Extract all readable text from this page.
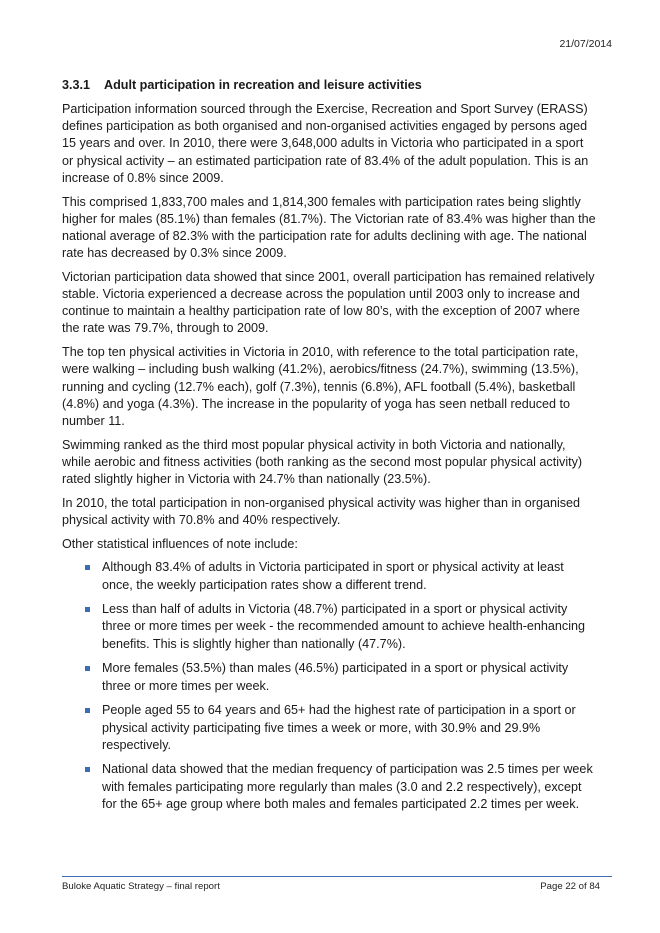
21/07/2014
3.3.1	Adult participation in recreation and leisure activities

Participation information sourced through the Exercise, Recreation and Sport Survey (ERASS) defines participation as both organised and non-organised activities engaged by persons aged 15 years and over. In 2010, there were 3,648,000 adults in Victoria who participated in a sport or physical activity – an estimated participation rate of 83.4% of the adult population. This is an increase of 0.8% since 2009.

This comprised 1,833,700 males and 1,814,300 females with participation rates being slightly higher for males (85.1%) than females (81.7%). The Victorian rate of 83.4% was higher than the national average of 82.3% with the participation rate for adults declining with age. The national rate has decreased by 0.3% since 2009.

Victorian participation data showed that since 2001, overall participation has remained relatively stable. Victoria experienced a decrease across the population until 2003 only to increase and continue to maintain a healthy participation rate of low 80’s, with the exception of 2007 where the rate was 79.7%, through to 2009.

The top ten physical activities in Victoria in 2010, with reference to the total participation rate, were walking – including bush walking (41.2%), aerobics/fitness (24.7%), swimming (13.5%), running and cycling (12.7% each), golf (7.3%), tennis (6.8%), AFL football (5.4%), basketball (4.8%) and yoga (4.3%). The increase in the popularity of yoga has seen netball reduced to number 11.

Swimming ranked as the third most popular physical activity in both Victoria and nationally, while aerobic and fitness activities (both ranking as the second most popular physical activity) rated slightly higher in Victoria with 24.7% than nationally (23.5%).

In 2010, the total participation in non-organised physical activity was higher than in organised physical activity with 70.8% and 40% respectively.

Other statistical influences of note include:

Although 83.4% of adults in Victoria participated in sport or physical activity at least once, the weekly participation rates show a different trend.
Less than half of adults in Victoria (48.7%) participated in a sport or physical activity three or more times per week - the recommended amount to achieve health-enhancing benefits. This is slightly higher than nationally (47.7%).
More females (53.5%) than males (46.5%) participated in a sport or physical activity three or more times per week.
People aged 55 to 64 years and 65+ had the highest rate of participation in a sport or physical activity participating five times a week or more, with 30.9% and 29.9% respectively.
National data showed that the median frequency of participation was 2.5 times per week with females participating more regularly than males (3.0 and 2.2 respectively), except for the 65+ age group where both males and females participated 2.2 times per week.
Buloke Aquatic Strategy – final report	Page 22 of 84
